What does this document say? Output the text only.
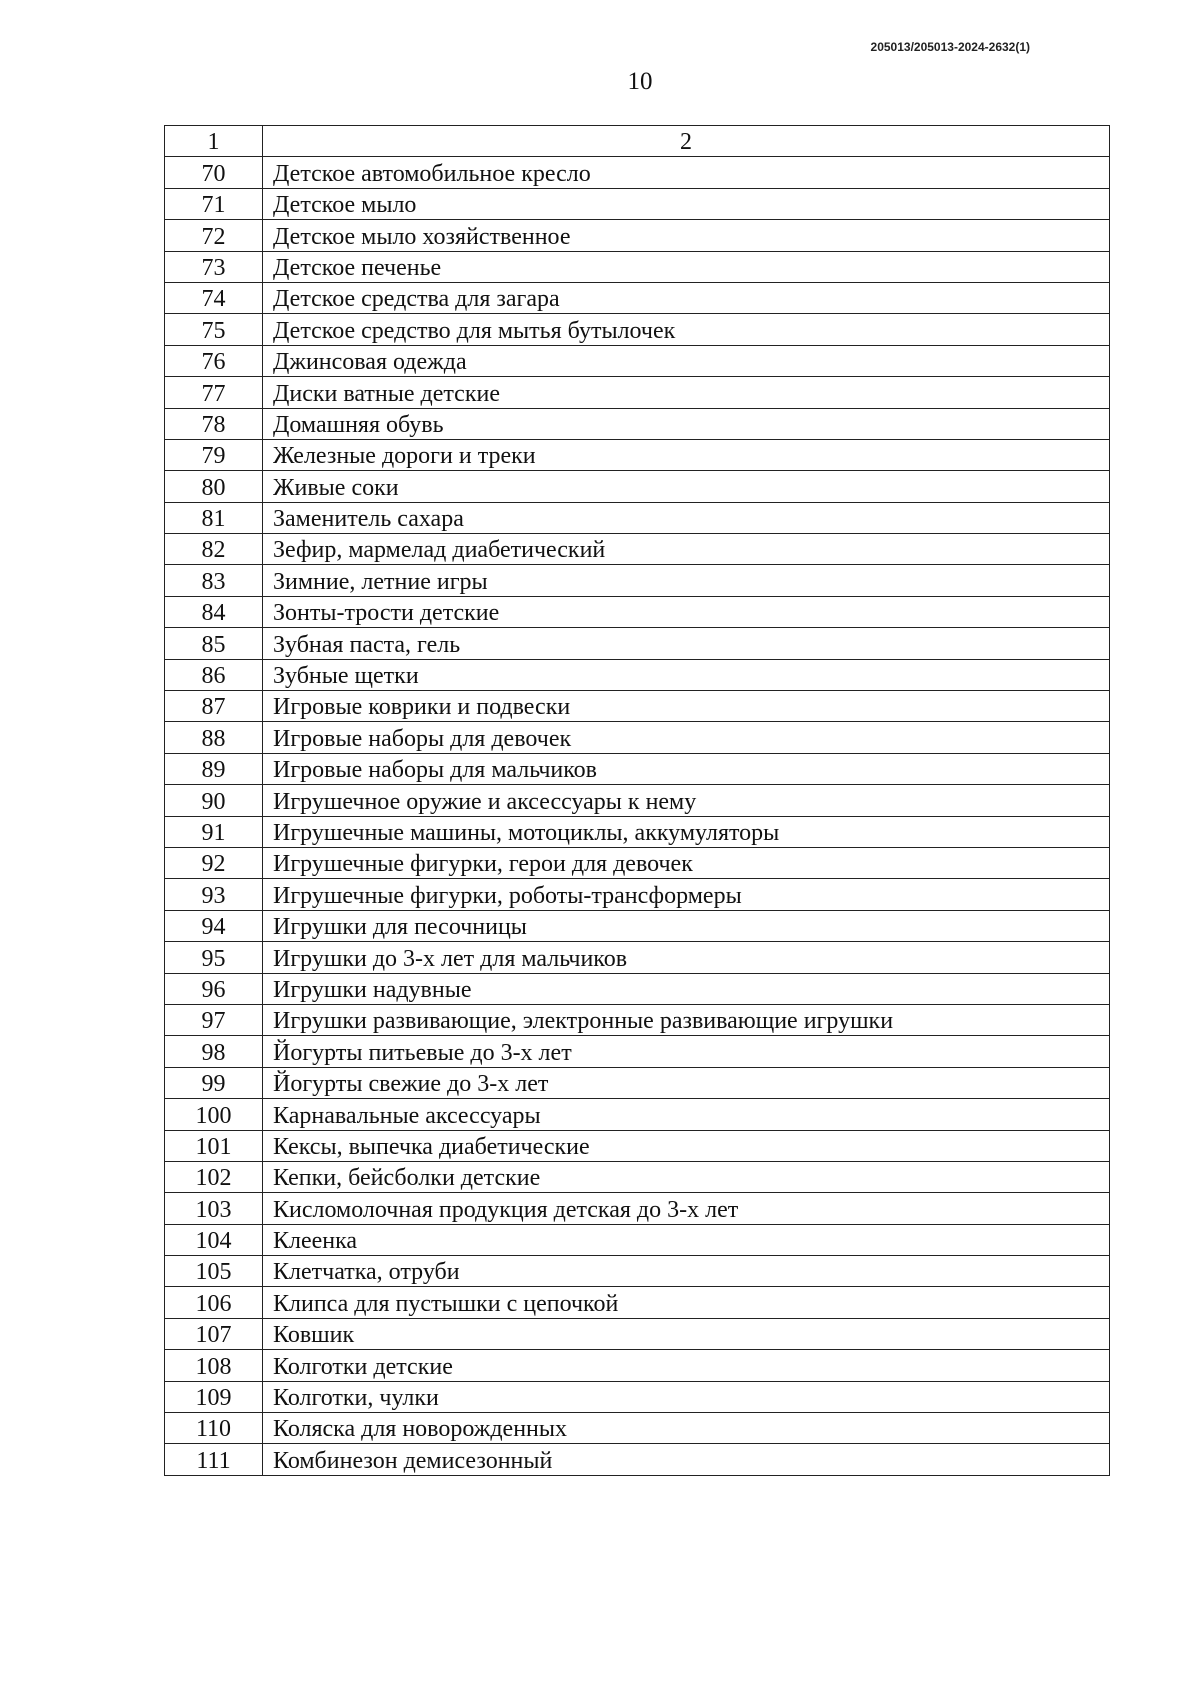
205013/205013-2024-2632(1)
10
1	2
70	Детское автомобильное кресло
71	Детское мыло
72	Детское мыло хозяйственное
73	Детское печенье
74	Детское средства для загара
75	Детское средство для мытья бутылочек
76	Джинсовая одежда
77	Диски ватные детские
78	Домашняя обувь
79	Железные дороги и треки
80	Живые соки
81	Заменитель сахара
82	Зефир, мармелад диабетический
83	Зимние, летние игры
84	Зонты-трости детские
85	Зубная паста, гель
86	Зубные щетки
87	Игровые коврики и подвески
88	Игровые наборы для девочек
89	Игровые наборы для мальчиков
90	Игрушечное оружие и аксессуары к нему
91	Игрушечные машины, мотоциклы, аккумуляторы
92	Игрушечные фигурки, герои для девочек
93	Игрушечные фигурки, роботы-трансформеры
94	Игрушки для песочницы
95	Игрушки до 3-х лет для мальчиков
96	Игрушки надувные
97	Игрушки развивающие, электронные развивающие игрушки
98	Йогурты питьевые до 3-х лет
99	Йогурты свежие до 3-х лет
100	Карнавальные аксессуары
101	Кексы, выпечка диабетические
102	Кепки, бейсболки детские
103	Кисломолочная продукция детская до 3-х лет
104	Клеенка
105	Клетчатка, отруби
106	Клипса для пустышки с цепочкой
107	Ковшик
108	Колготки детские
109	Колготки, чулки
110	Коляска для новорожденных
111	Комбинезон демисезонный
